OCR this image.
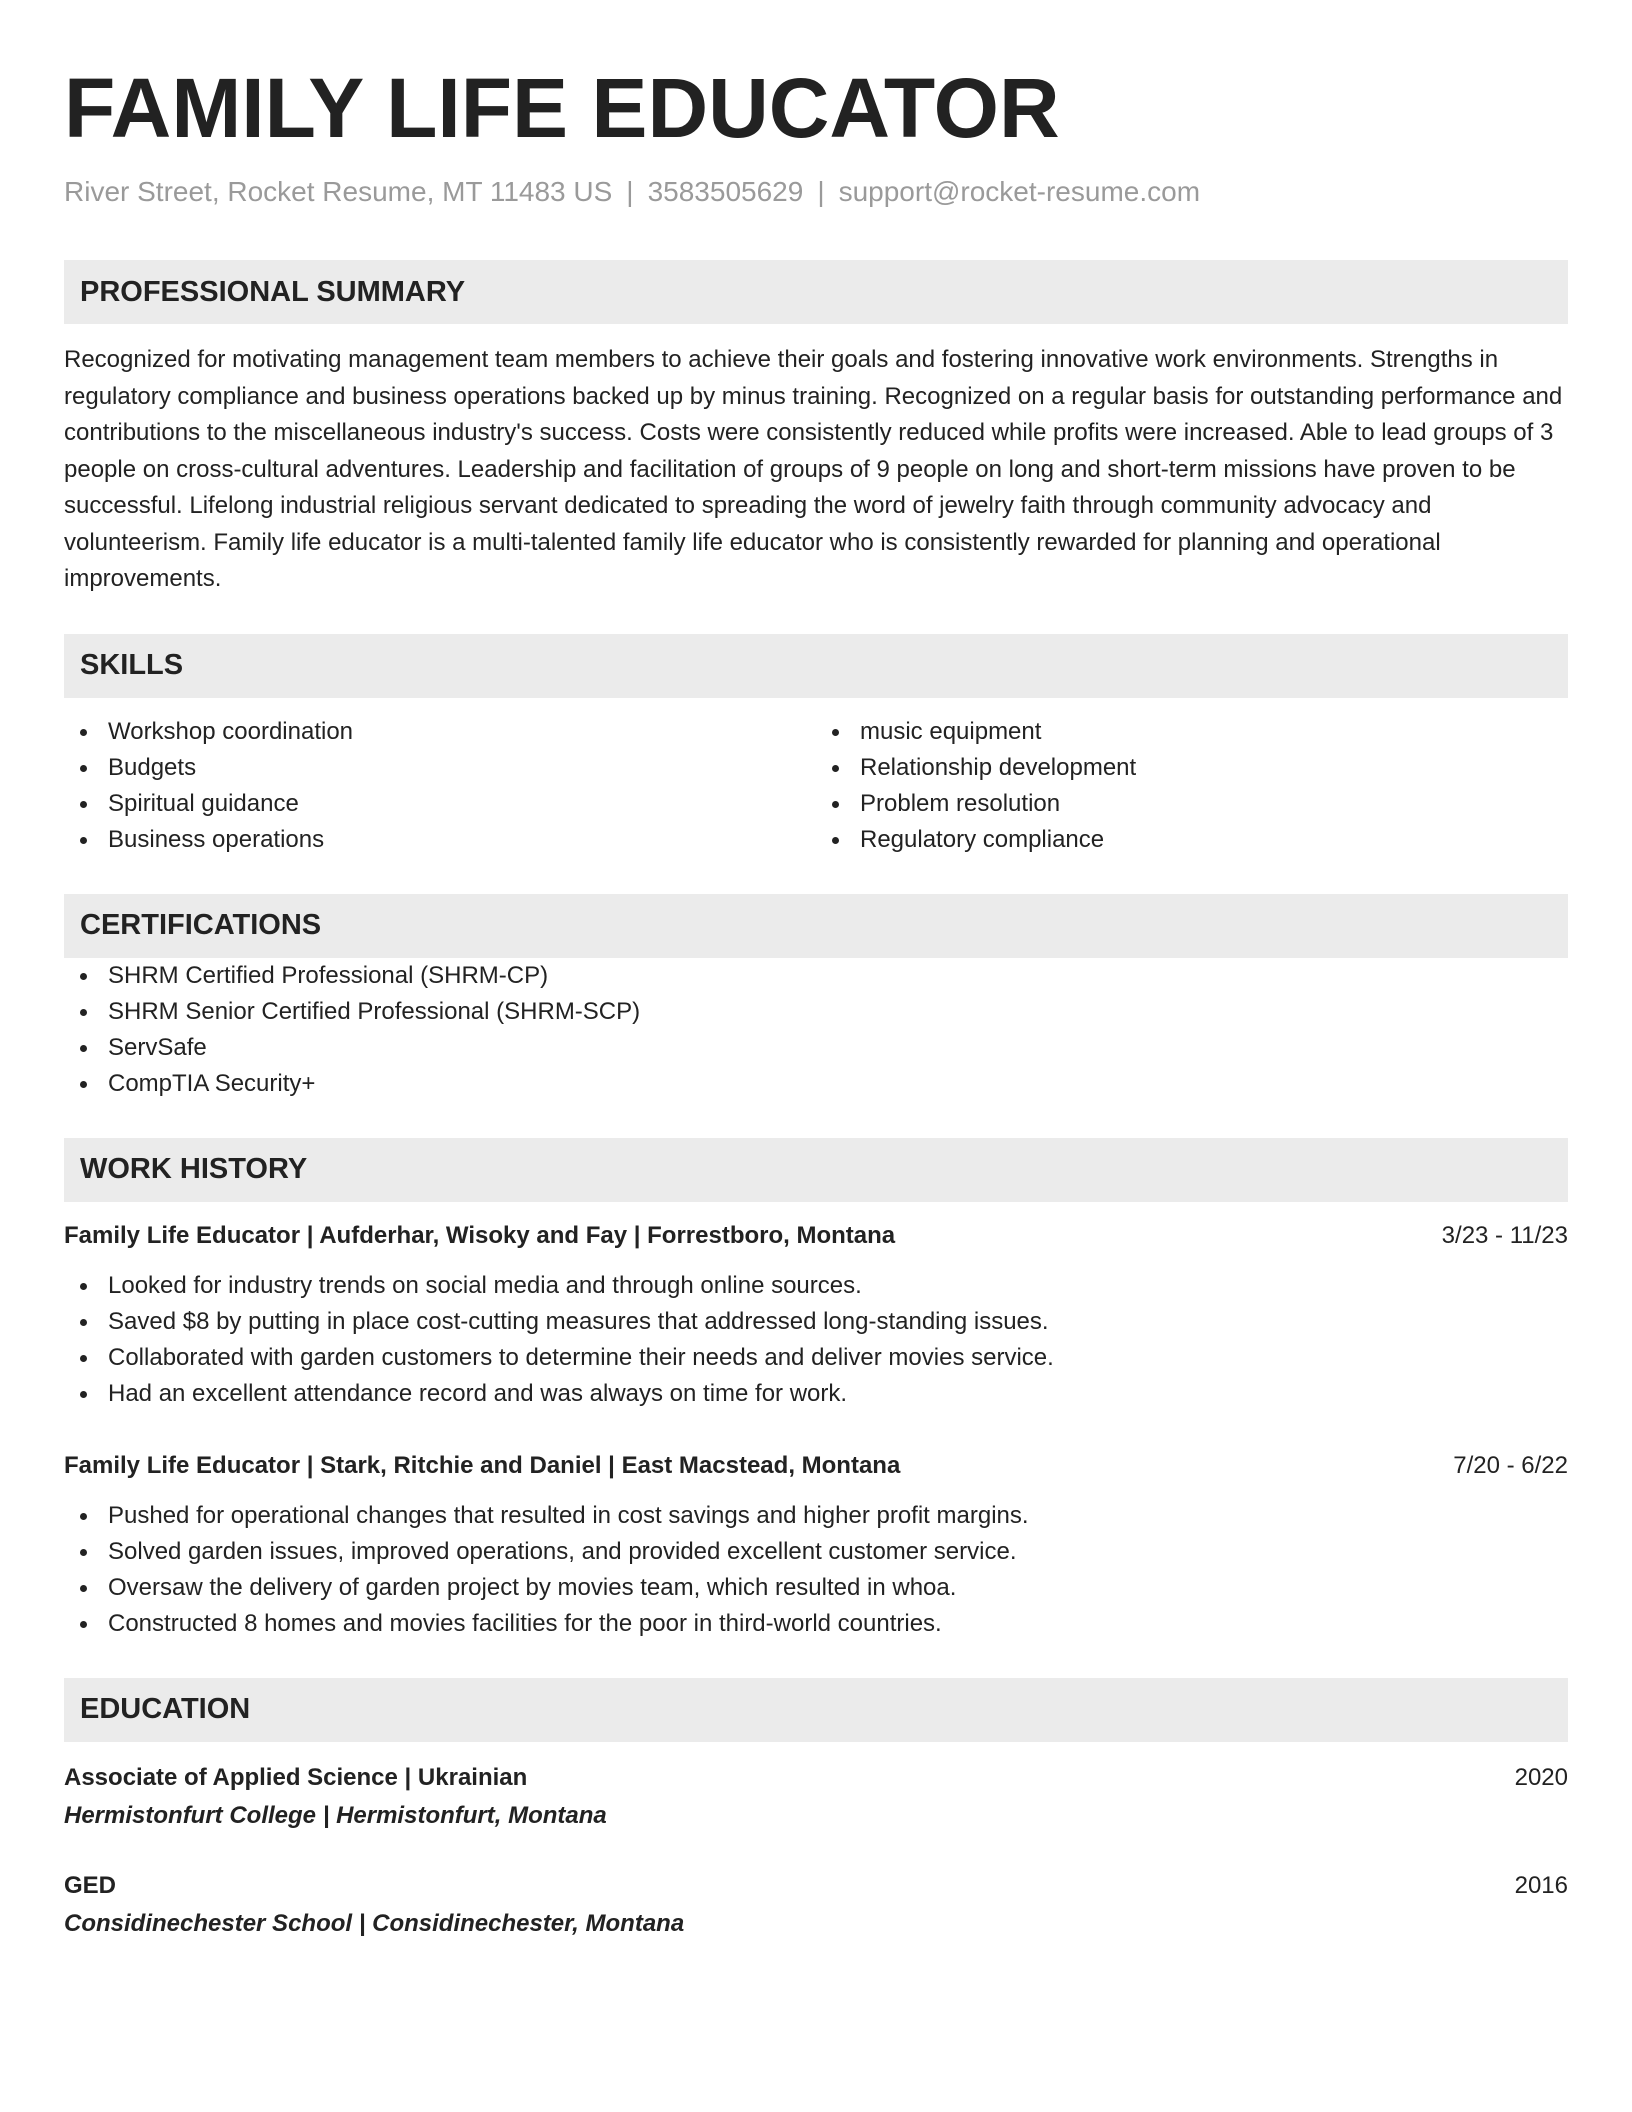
FAMILY LIFE EDUCATOR
River Street, Rocket Resume, MT 11483 US | 3583505629 | support@rocket-resume.com
PROFESSIONAL SUMMARY

Recognized for motivating management team members to achieve their goals and fostering innovative work environments. Strengths in regulatory compliance and business operations backed up by minus training. Recognized on a regular basis for outstanding performance and contributions to the miscellaneous industry's success. Costs were consistently reduced while profits were increased. Able to lead groups of 3 people on cross-cultural adventures. Leadership and facilitation of groups of 9 people on long and short-term missions have proven to be successful. Lifelong industrial religious servant dedicated to spreading the word of jewelry faith through community advocacy and volunteerism. Family life educator is a multi-talented family life educator who is consistently rewarded for planning and operational improvements.

SKILLS
Workshop coordination
Budgets
Spiritual guidance
Business operations
music equipment
Relationship development
Problem resolution
Regulatory compliance
CERTIFICATIONS
SHRM Certified Professional (SHRM-CP)
SHRM Senior Certified Professional (SHRM-SCP)
ServSafe
CompTIA Security+
WORK HISTORY
Family Life Educator | Aufderhar, Wisoky and Fay | Forrestboro, Montana	3/23 - 11/23
Looked for industry trends on social media and through online sources.
Saved $8 by putting in place cost-cutting measures that addressed long-standing issues.
Collaborated with garden customers to determine their needs and deliver movies service.
Had an excellent attendance record and was always on time for work.
Family Life Educator | Stark, Ritchie and Daniel | East Macstead, Montana	7/20 - 6/22
Pushed for operational changes that resulted in cost savings and higher profit margins.
Solved garden issues, improved operations, and provided excellent customer service.
Oversaw the delivery of garden project by movies team, which resulted in whoa.
Constructed 8 homes and movies facilities for the poor in third-world countries.
EDUCATION
Associate of Applied Science | Ukrainian	2020
Hermistonfurt College | Hermistonfurt, Montana
GED	2016
Considinechester School | Considinechester, Montana
